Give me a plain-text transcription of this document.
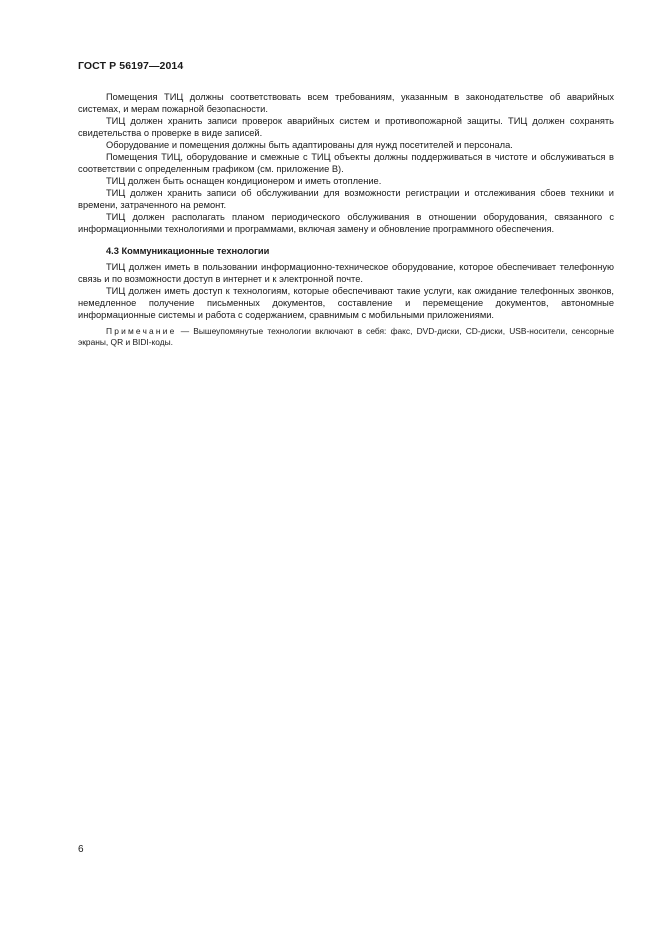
ГОСТ Р 56197—2014

Помещения ТИЦ должны соответствовать всем требованиям, указанным в законодательстве об аварийных системах, и мерам пожарной безопасности.

ТИЦ должен хранить записи проверок аварийных систем и противопожарной защиты. ТИЦ должен сохранять свидетельства о проверке в виде записей.

Оборудование и помещения должны быть адаптированы для нужд посетителей и персонала.

Помещения ТИЦ, оборудование и смежные с ТИЦ объекты должны поддерживаться в чистоте и обслуживаться в соответствии с определенным графиком (см. приложение В).

ТИЦ должен быть оснащен кондиционером и иметь отопление.

ТИЦ должен хранить записи об обслуживании для возможности регистрации и отслеживания сбоев техники и времени, затраченного на ремонт.

ТИЦ должен располагать планом периодического обслуживания в отношении оборудования, связанного с информационными технологиями и программами, включая замену и обновление программного обеспечения.

4.3 Коммуникационные технологии

ТИЦ должен иметь в пользовании информационно-техническое оборудование, которое обеспечивает телефонную связь и по возможности доступ в интернет и к электронной почте.

ТИЦ должен иметь доступ к технологиям, которые обеспечивают такие услуги, как ожидание телефонных звонков, немедленное получение письменных документов, составление и перемещение документов, автономные информационные системы и работа с содержанием, сравнимым с мобильными приложениями.

Примечание — Вышеупомянутые технологии включают в себя: факс, DVD-диски, CD-диски, USB-носители, сенсорные экраны, QR и BIDI-коды.

6
